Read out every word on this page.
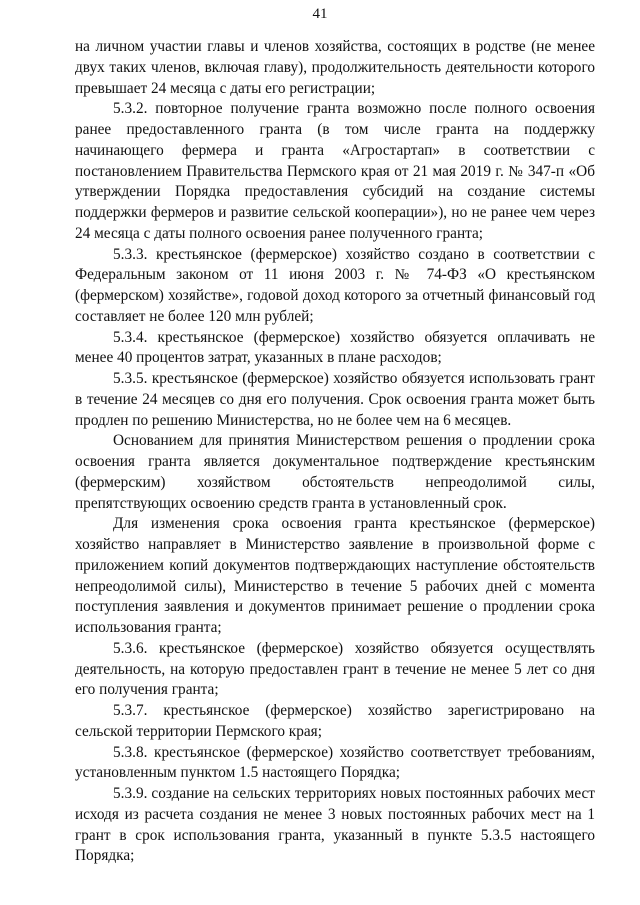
41

на личном участии главы и членов хозяйства, состоящих в родстве (не менее двух таких членов, включая главу), продолжительность деятельности которого превышает 24 месяца с даты его регистрации;

5.3.2. повторное получение гранта возможно после полного освоения ранее предоставленного гранта (в том числе гранта на поддержку начинающего фермера и гранта «Агростартап» в соответствии с постановлением Правительства Пермского края от 21 мая 2019 г. № 347-п «Об утверждении Порядка предоставления субсидий на создание системы поддержки фермеров и развитие сельской кооперации»), но не ранее чем через 24 месяца с даты полного освоения ранее полученного гранта;

5.3.3. крестьянское (фермерское) хозяйство создано в соответствии с Федеральным законом от 11 июня 2003 г. № 74-ФЗ «О крестьянском (фермерском) хозяйстве», годовой доход которого за отчетный финансовый год составляет не более 120 млн рублей;

5.3.4. крестьянское (фермерское) хозяйство обязуется оплачивать не менее 40 процентов затрат, указанных в плане расходов;

5.3.5. крестьянское (фермерское) хозяйство обязуется использовать грант в течение 24 месяцев со дня его получения. Срок освоения гранта может быть продлен по решению Министерства, но не более чем на 6 месяцев.

Основанием для принятия Министерством решения о продлении срока освоения гранта является документальное подтверждение крестьянским (фермерским) хозяйством обстоятельств непреодолимой силы, препятствующих освоению средств гранта в установленный срок.

Для изменения срока освоения гранта крестьянское (фермерское) хозяйство направляет в Министерство заявление в произвольной форме с приложением копий документов подтверждающих наступление обстоятельств непреодолимой силы), Министерство в течение 5 рабочих дней с момента поступления заявления и документов принимает решение о продлении срока использования гранта;

5.3.6. крестьянское (фермерское) хозяйство обязуется осуществлять деятельность, на которую предоставлен грант в течение не менее 5 лет со дня его получения гранта;

5.3.7. крестьянское (фермерское) хозяйство зарегистрировано на сельской территории Пермского края;

5.3.8. крестьянское (фермерское) хозяйство соответствует требованиям, установленным пунктом 1.5 настоящего Порядка;

5.3.9. создание на сельских территориях новых постоянных рабочих мест исходя из расчета создания не менее 3 новых постоянных рабочих мест на 1 грант в срок использования гранта, указанный в пункте 5.3.5 настоящего Порядка;
